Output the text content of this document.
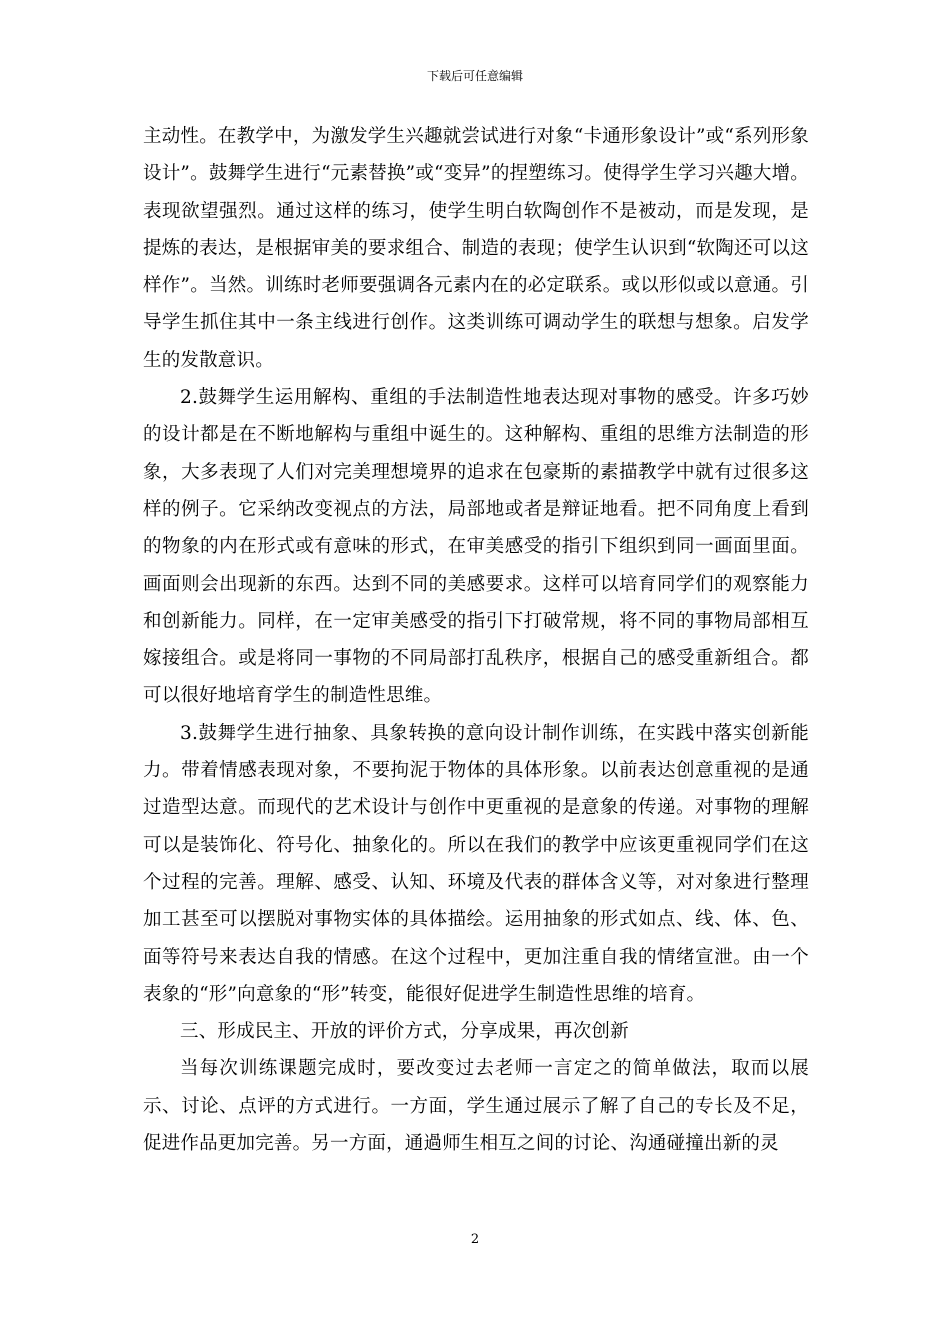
下载后可任意编辑

主动性。在教学中，为激发学生兴趣就尝试进行对象“卡通形象设计”或“系列形象设计”。鼓舞学生进行“元素替换”或“变异”的捏塑练习。使得学生学习兴趣大增。表现欲望强烈。通过这样的练习，使学生明白软陶创作不是被动，而是发现，是提炼的表达，是根据审美的要求组合、制造的表现；使学生认识到“软陶还可以这样作”。当然。训练时老师要强调各元素内在的必定联系。或以形似或以意通。引导学生抓住其中一条主线进行创作。这类训练可调动学生的联想与想象。启发学生的发散意识。

2.鼓舞学生运用解构、重组的手法制造性地表达现对事物的感受。许多巧妙的设计都是在不断地解构与重组中诞生的。这种解构、重组的思维方法制造的形象，大多表现了人们对完美理想境界的追求在包豪斯的素描教学中就有过很多这样的例子。它采纳改变视点的方法，局部地或者是辩证地看。把不同角度上看到的物象的内在形式或有意味的形式，在审美感受的指引下组织到同一画面里面。画面则会出现新的东西。达到不同的美感要求。这样可以培育同学们的观察能力和创新能力。同样，在一定审美感受的指引下打破常规，将不同的事物局部相互嫁接组合。或是将同一事物的不同局部打乱秩序，根据自己的感受重新组合。都可以很好地培育学生的制造性思维。

3.鼓舞学生进行抽象、具象转换的意向设计制作训练，在实践中落实创新能力。带着情感表现对象，不要拘泥于物体的具体形象。以前表达创意重视的是通过造型达意。而现代的艺术设计与创作中更重视的是意象的传递。对事物的理解可以是装饰化、符号化、抽象化的。所以在我们的教学中应该更重视同学们在这个过程的完善。理解、感受、认知、环境及代表的群体含义等，对对象进行整理加工甚至可以摆脱对事物实体的具体描绘。运用抽象的形式如点、线、体、色、面等符号来表达自我的情感。在这个过程中，更加注重自我的情绪宣泄。由一个表象的“形”向意象的“形”转变，能很好促进学生制造性思维的培育。

三、形成民主、开放的评价方式，分享成果，再次创新

当每次训练课题完成时，要改变过去老师一言定之的简单做法，取而以展示、讨论、点评的方式进行。一方面，学生通过展示了解了自己的专长及不足，促进作品更加完善。另一方面，通過师生相互之间的讨论、沟通碰撞出新的灵

2
